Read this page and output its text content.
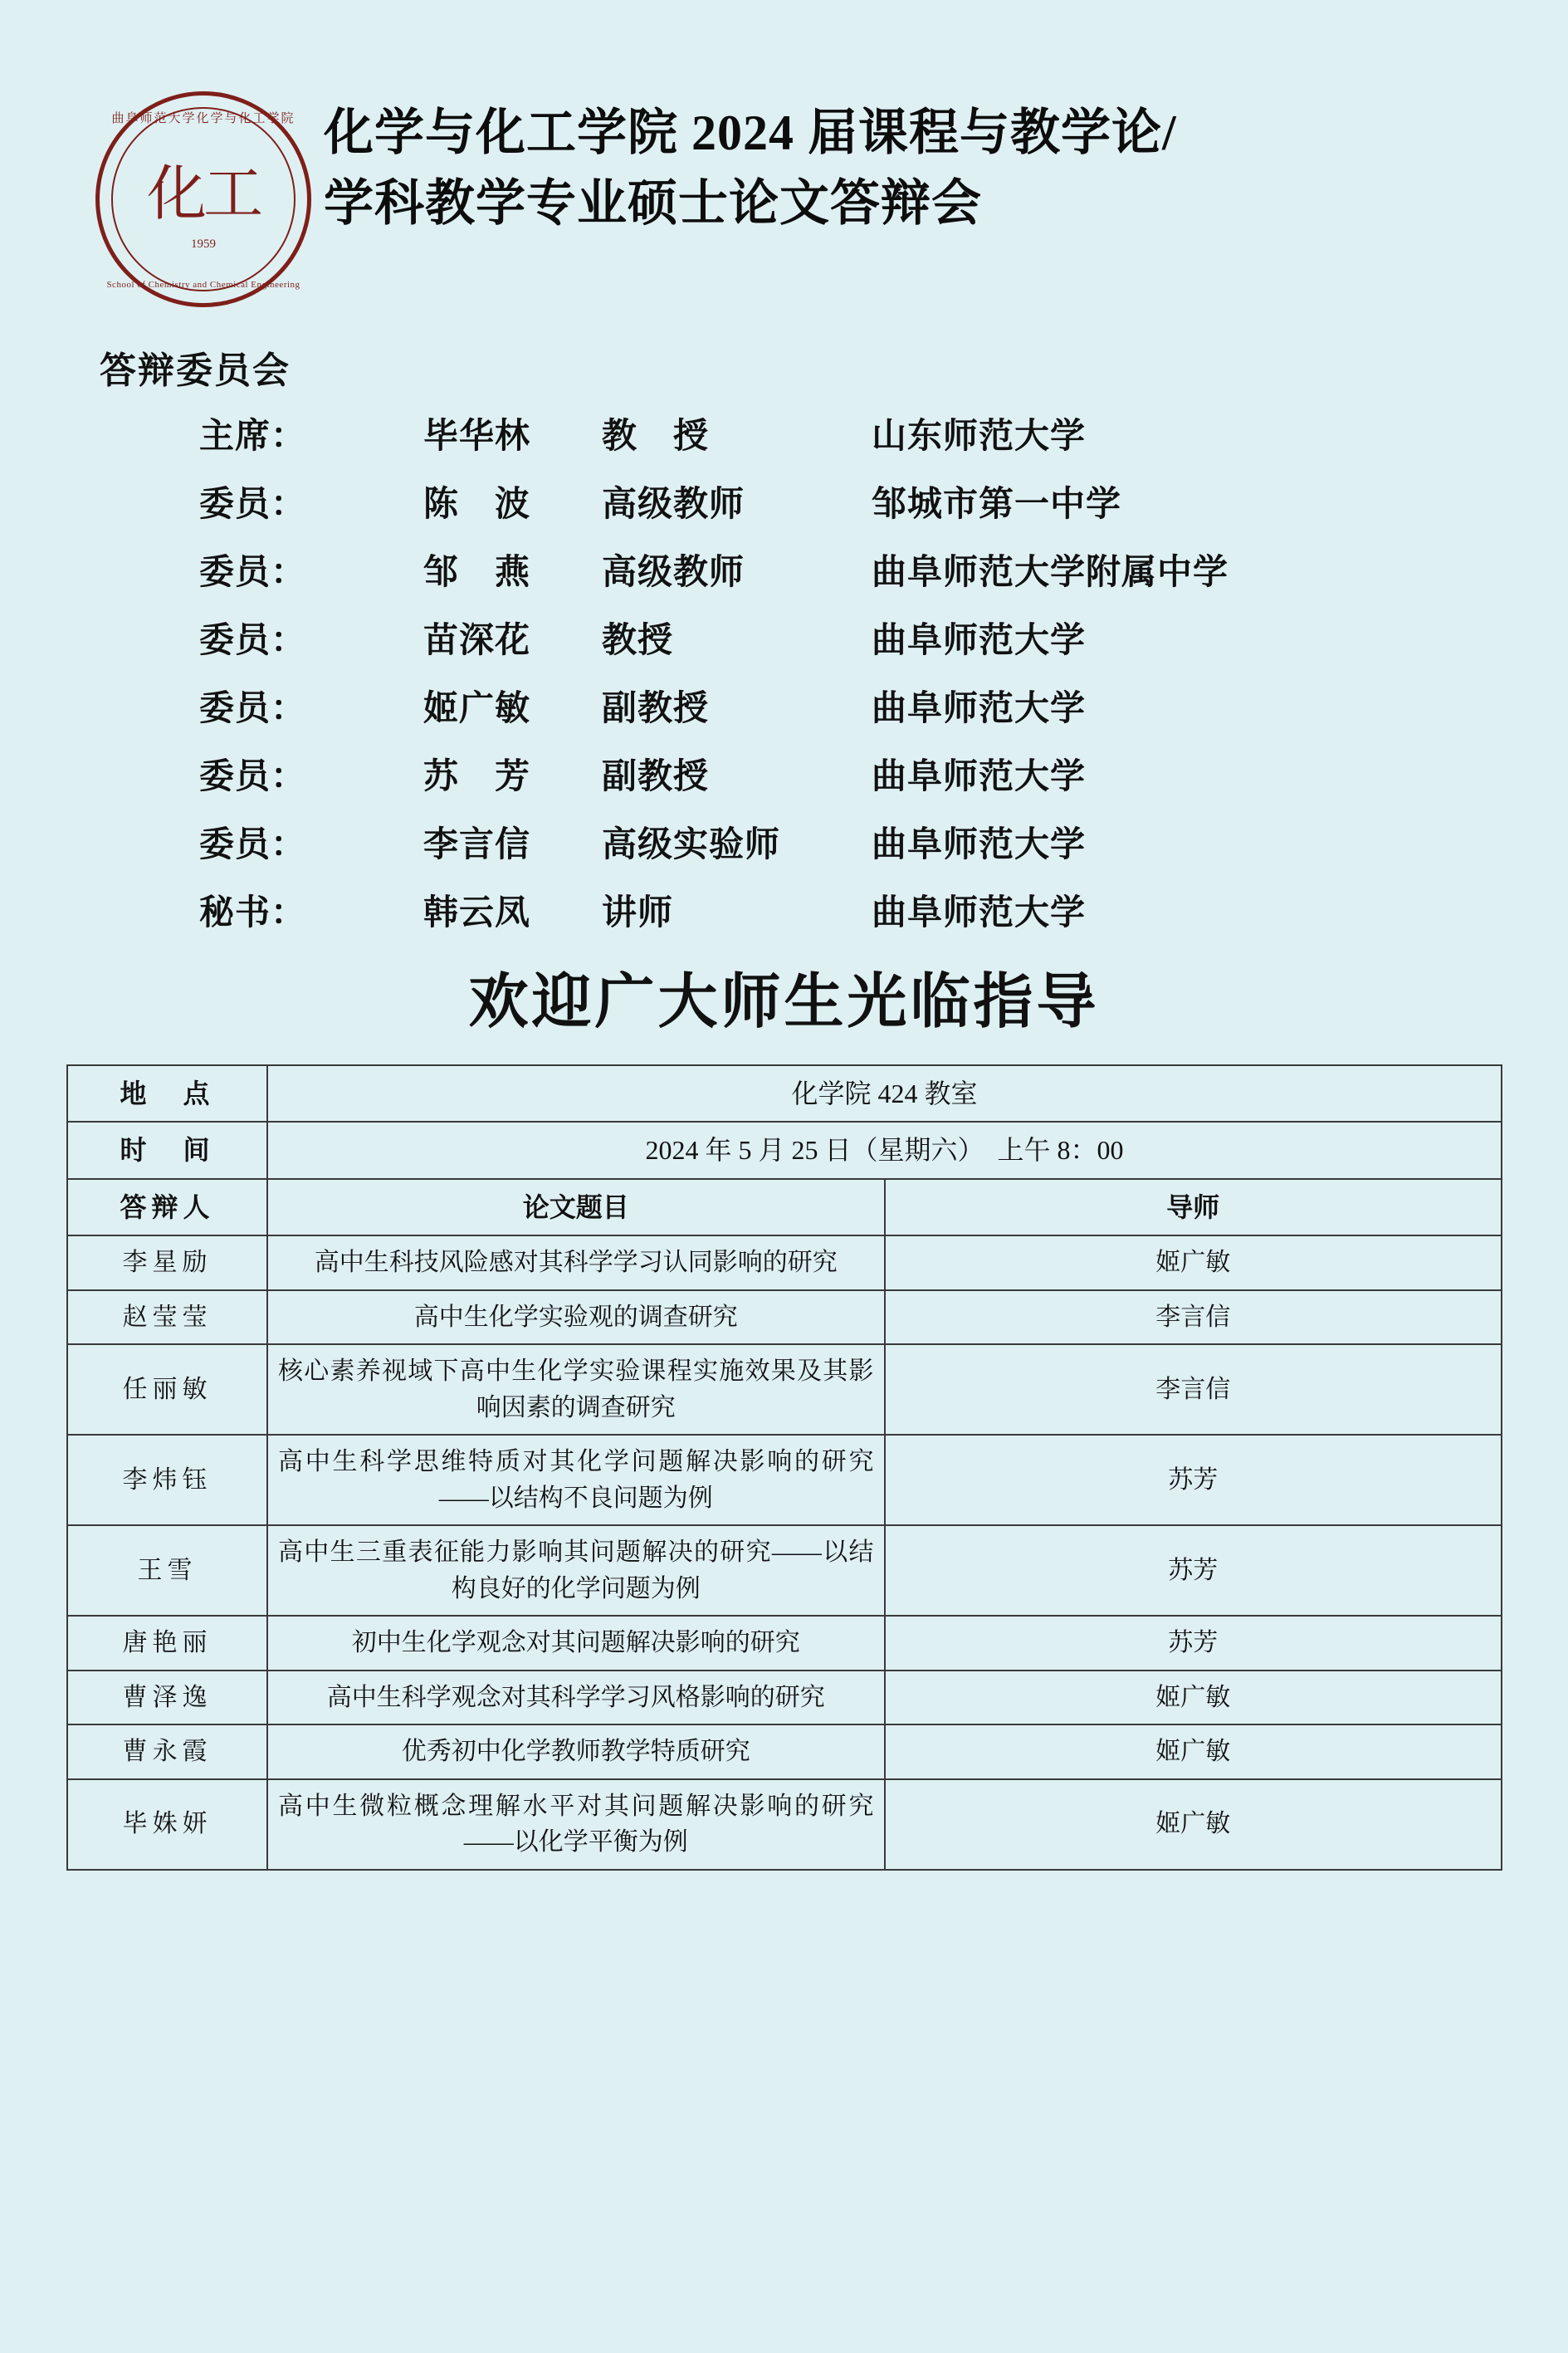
曲阜师范大学化学与化工学院
化工
1959
School of Chemistry and Chemical Engineering
化学与化工学院 2024 届课程与教学论/
学科教学专业硕士论文答辩会
答辩委员会
主席：	毕华林	教　授	山东师范大学
委员：	陈　波	高级教师	邹城市第一中学
委员：	邹　燕	高级教师	曲阜师范大学附属中学
委员：	苗深花	教授	曲阜师范大学
委员：	姬广敏	副教授	曲阜师范大学
委员：	苏　芳	副教授	曲阜师范大学
委员：	李言信	高级实验师	曲阜师范大学
秘书：	韩云凤	讲师	曲阜师范大学
欢迎广大师生光临指导
地　点	化学院 424 教室	
时　间	2024 年 5 月 25 日（星期六）　上午 8：00	
答辩人	论文题目	导师
李星励	高中生科技风险感对其科学学习认同影响的研究	姬广敏
赵莹莹	高中生化学实验观的调查研究	李言信
任丽敏	核心素养视域下高中生化学实验课程实施效果及其影响因素的调查研究	李言信
李炜钰	高中生科学思维特质对其化学问题解决影响的研究——以结构不良问题为例	苏芳
王雪	高中生三重表征能力影响其问题解决的研究——以结构良好的化学问题为例	苏芳
唐艳丽	初中生化学观念对其问题解决影响的研究	苏芳
曹泽逸	高中生科学观念对其科学学习风格影响的研究	姬广敏
曹永霞	优秀初中化学教师教学特质研究	姬广敏
毕姝妍	高中生微粒概念理解水平对其问题解决影响的研究——以化学平衡为例	姬广敏
